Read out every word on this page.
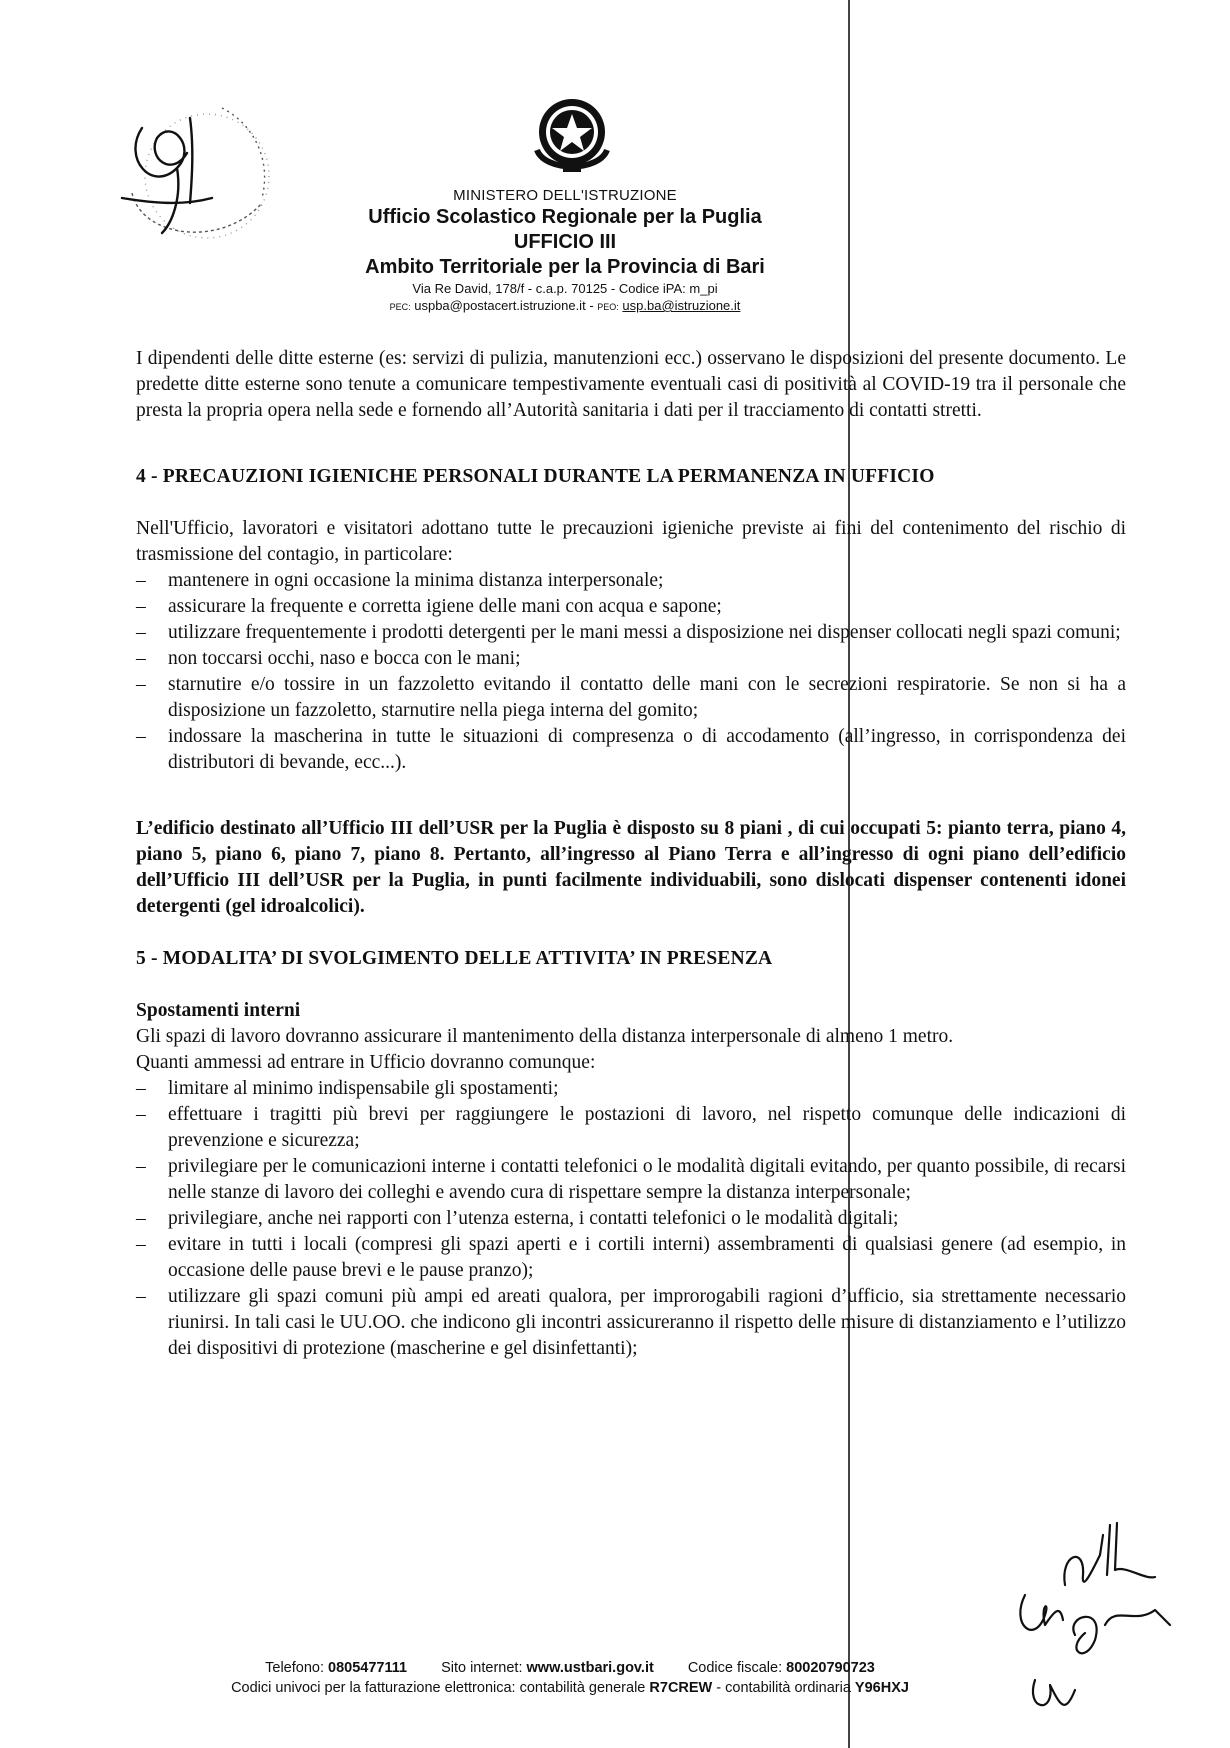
MINISTERO DELL'ISTRUZIONE
Ufficio Scolastico Regionale per la Puglia
UFFICIO III
Ambito Territoriale per la Provincia di Bari
Via Re David, 178/f - c.a.p. 70125 - Codice iPA: m_pi
PEC: uspba@postacert.istruzione.it - PEO: usp.ba@istruzione.it

I dipendenti delle ditte esterne (es: servizi di pulizia, manutenzioni ecc.) osservano le disposizioni del presente documento. Le predette ditte esterne sono tenute a comunicare tempestivamente eventuali casi di positività al COVID-19 tra il personale che presta la propria opera nella sede e fornendo all’Autorità sanitaria i dati per il tracciamento di contatti stretti.

4 - PRECAUZIONI IGIENICHE PERSONALI DURANTE LA PERMANENZA IN UFFICIO

Nell'Ufficio, lavoratori e visitatori adottano tutte le precauzioni igieniche previste ai fini del contenimento del rischio di trasmissione del contagio, in particolare:

– mantenere in ogni occasione la minima distanza interpersonale;
– assicurare la frequente e corretta igiene delle mani con acqua e sapone;
– utilizzare frequentemente i prodotti detergenti per le mani messi a disposizione nei dispenser collocati negli spazi comuni;
– non toccarsi occhi, naso e bocca con le mani;
– starnutire e/o tossire in un fazzoletto evitando il contatto delle mani con le secrezioni respiratorie. Se non si ha a disposizione un fazzoletto, starnutire nella piega interna del gomito;
– indossare la mascherina in tutte le situazioni di compresenza o di accodamento (all’ingresso, in corrispondenza dei distributori di bevande, ecc...).

L’edificio destinato all’Ufficio III dell’USR per la Puglia è disposto su 8 piani , di cui occupati 5: pianto terra, piano 4, piano 5, piano 6, piano 7, piano 8. Pertanto, all’ingresso al Piano Terra e all’ingresso di ogni piano dell’edificio dell’Ufficio III dell’USR per la Puglia, in punti facilmente individuabili, sono dislocati dispenser contenenti idonei detergenti (gel idroalcolici).

5 - MODALITA’ DI SVOLGIMENTO DELLE ATTIVITA’ IN PRESENZA
Spostamenti interni

Gli spazi di lavoro dovranno assicurare il mantenimento della distanza interpersonale di almeno 1 metro.

Quanti ammessi ad entrare in Ufficio dovranno comunque:

– limitare al minimo indispensabile gli spostamenti;
– effettuare i tragitti più brevi per raggiungere le postazioni di lavoro, nel rispetto comunque delle indicazioni di prevenzione e sicurezza;
– privilegiare per le comunicazioni interne i contatti telefonici o le modalità digitali evitando, per quanto possibile, di recarsi nelle stanze di lavoro dei colleghi e avendo cura di rispettare sempre la distanza interpersonale;
– privilegiare, anche nei rapporti con l’utenza esterna, i contatti telefonici o le modalità digitali;
– evitare in tutti i locali (compresi gli spazi aperti e i cortili interni) assembramenti di qualsiasi genere (ad esempio, in occasione delle pause brevi e le pause pranzo);
– utilizzare gli spazi comuni più ampi ed areati qualora, per improrogabili ragioni d’ufficio, sia strettamente necessario riunirsi. In tali casi le UU.OO. che indicono gli incontri assicureranno il rispetto delle misure di distanziamento e l’utilizzo dei dispositivi di protezione (mascherine e gel disinfettanti);
Telefono: 0805477111 Sito internet: www.ustbari.gov.it Codice fiscale: 80020790723
Codici univoci per la fatturazione elettronica: contabilità generale R7CREW - contabilità ordinaria Y96HXJ
